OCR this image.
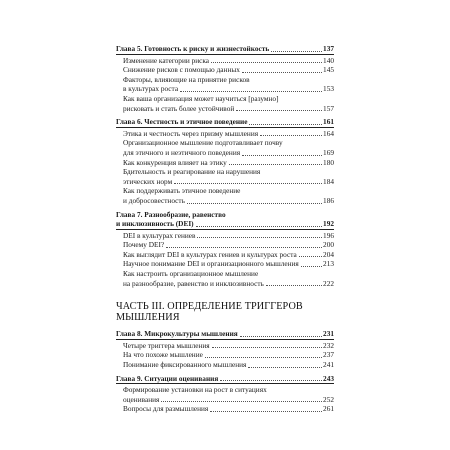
Глава 5. Готовность к риску и жизнестойкость	137
Изменение категории риска	140
Снижение рисков с помощью данных	145
Факторы, влияющие на принятие рисков
в культурах роста	153
Как ваша организация может научиться [разумно]
рисковать и стать более устойчивой	157
Глава 6. Честность и этичное поведение	161
Этика и честность через призму мышления	164
Организационное мышление подготавливает почву
для этичного и неэтичного поведения	169
Как конкуренция влияет на этику	180
Бдительность и реагирование на нарушения
этических норм	184
Как поддерживать этичное поведение
и добросовестность	186
Глава 7. Разнообразие, равенство
и инклюзивность (DEI)	192
DEI в культурах гениев	196
Почему DEI?	200
Как выглядит DEI в культурах гениев и культурах роста	204
Научное понимание DEI и организационного мышления	213
Как настроить организационное мышление
на разнообразие, равенство и инклюзивность	222
ЧАСТЬ III. ОПРЕДЕЛЕНИЕ ТРИГГЕРОВ
МЫШЛЕНИЯ
Глава 8. Микрокультуры мышления	231
Четыре триггера мышления	232
На что похоже мышление	237
Понимание фиксированного мышления	241
Глава 9. Ситуации оценивания	243
Формирование установки на рост в ситуациях
оценивания	252
Вопросы для размышления	261
